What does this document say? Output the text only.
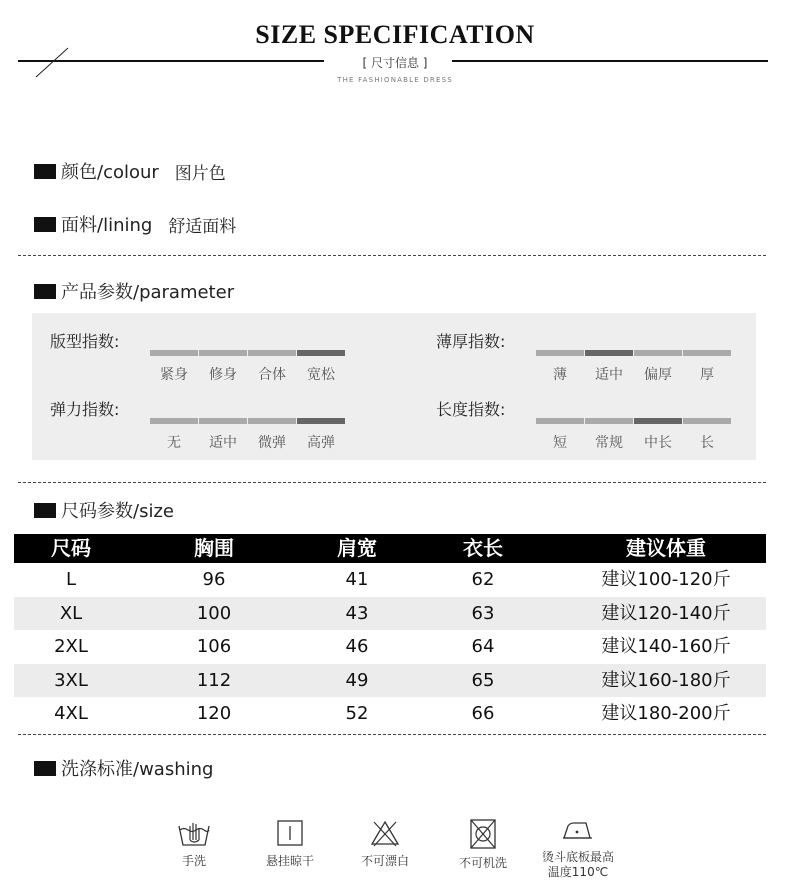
SIZE SPECIFICATION
[ 尺寸信息 ]
THE FASHIONABLE DRESS
颜色/colour 图片色
面料/lining 舒适面料
产品参数/parameter
版型指数:
紧身	修身	合体	宽松
薄厚指数:
薄	适中	偏厚	厚
弹力指数:
无	适中	微弹	高弹
长度指数:
短	常规	中长	长
尺码参数/size
尺码	胸围	肩宽	衣长	建议体重
L	96	41	62	建议100-120斤
XL	100	43	63	建议120-140斤
2XL	106	46	64	建议140-160斤
3XL	112	49	65	建议160-180斤
4XL	120	52	66	建议180-200斤
洗涤标准/washing
手洗	悬挂晾干	不可漂白	不可机洗	烫斗底板最高
温度110℃
